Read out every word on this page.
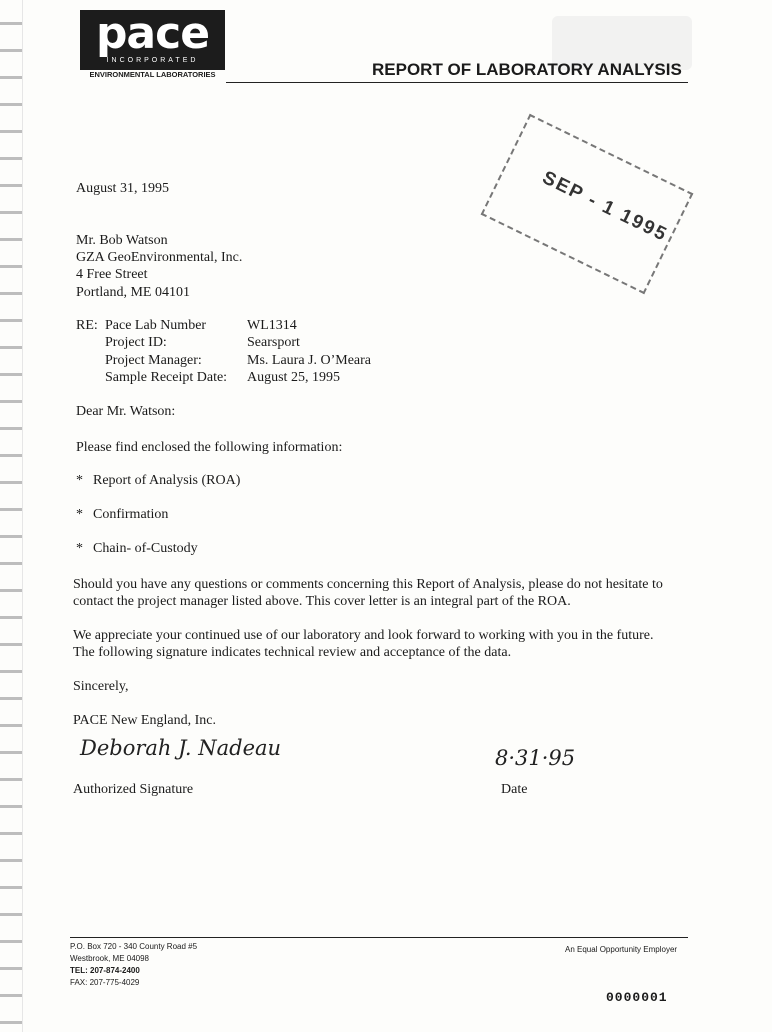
pace
INCORPORATED
ENVIRONMENTAL LABORATORIES	REPORT OF LABORATORY ANALYSIS
SEP - 1 1995
August 31, 1995
Mr. Bob Watson
GZA GeoEnvironmental, Inc.
4 Free Street
Portland, ME 04101
RE: Pace Lab Number	WL1314
Project ID:	Searsport
Project Manager:	Ms. Laura J. O’Meara
Sample Receipt Date: August 25, 1995
Dear Mr. Watson:
Please find enclosed the following information:
* Report of Analysis (ROA)
* Confirmation
* Chain- of-Custody
Should you have any questions or comments concerning this Report of Analysis, please do not hesitate to
contact the project manager listed above. This cover letter is an integral part of the ROA.
We appreciate your continued use of our laboratory and look forward to working with you in the future.
The following signature indicates technical review and acceptance of the data.
Sincerely,
PACE New England, Inc.
Deborah J. Nadeau	8·31·95
Authorized Signature	Date
P.O. Box 720 - 340 County Road #5
Westbrook, ME 04098
TEL: 207-874-2400
FAX: 207-775-4029
An Equal Opportunity Employer
0000001
